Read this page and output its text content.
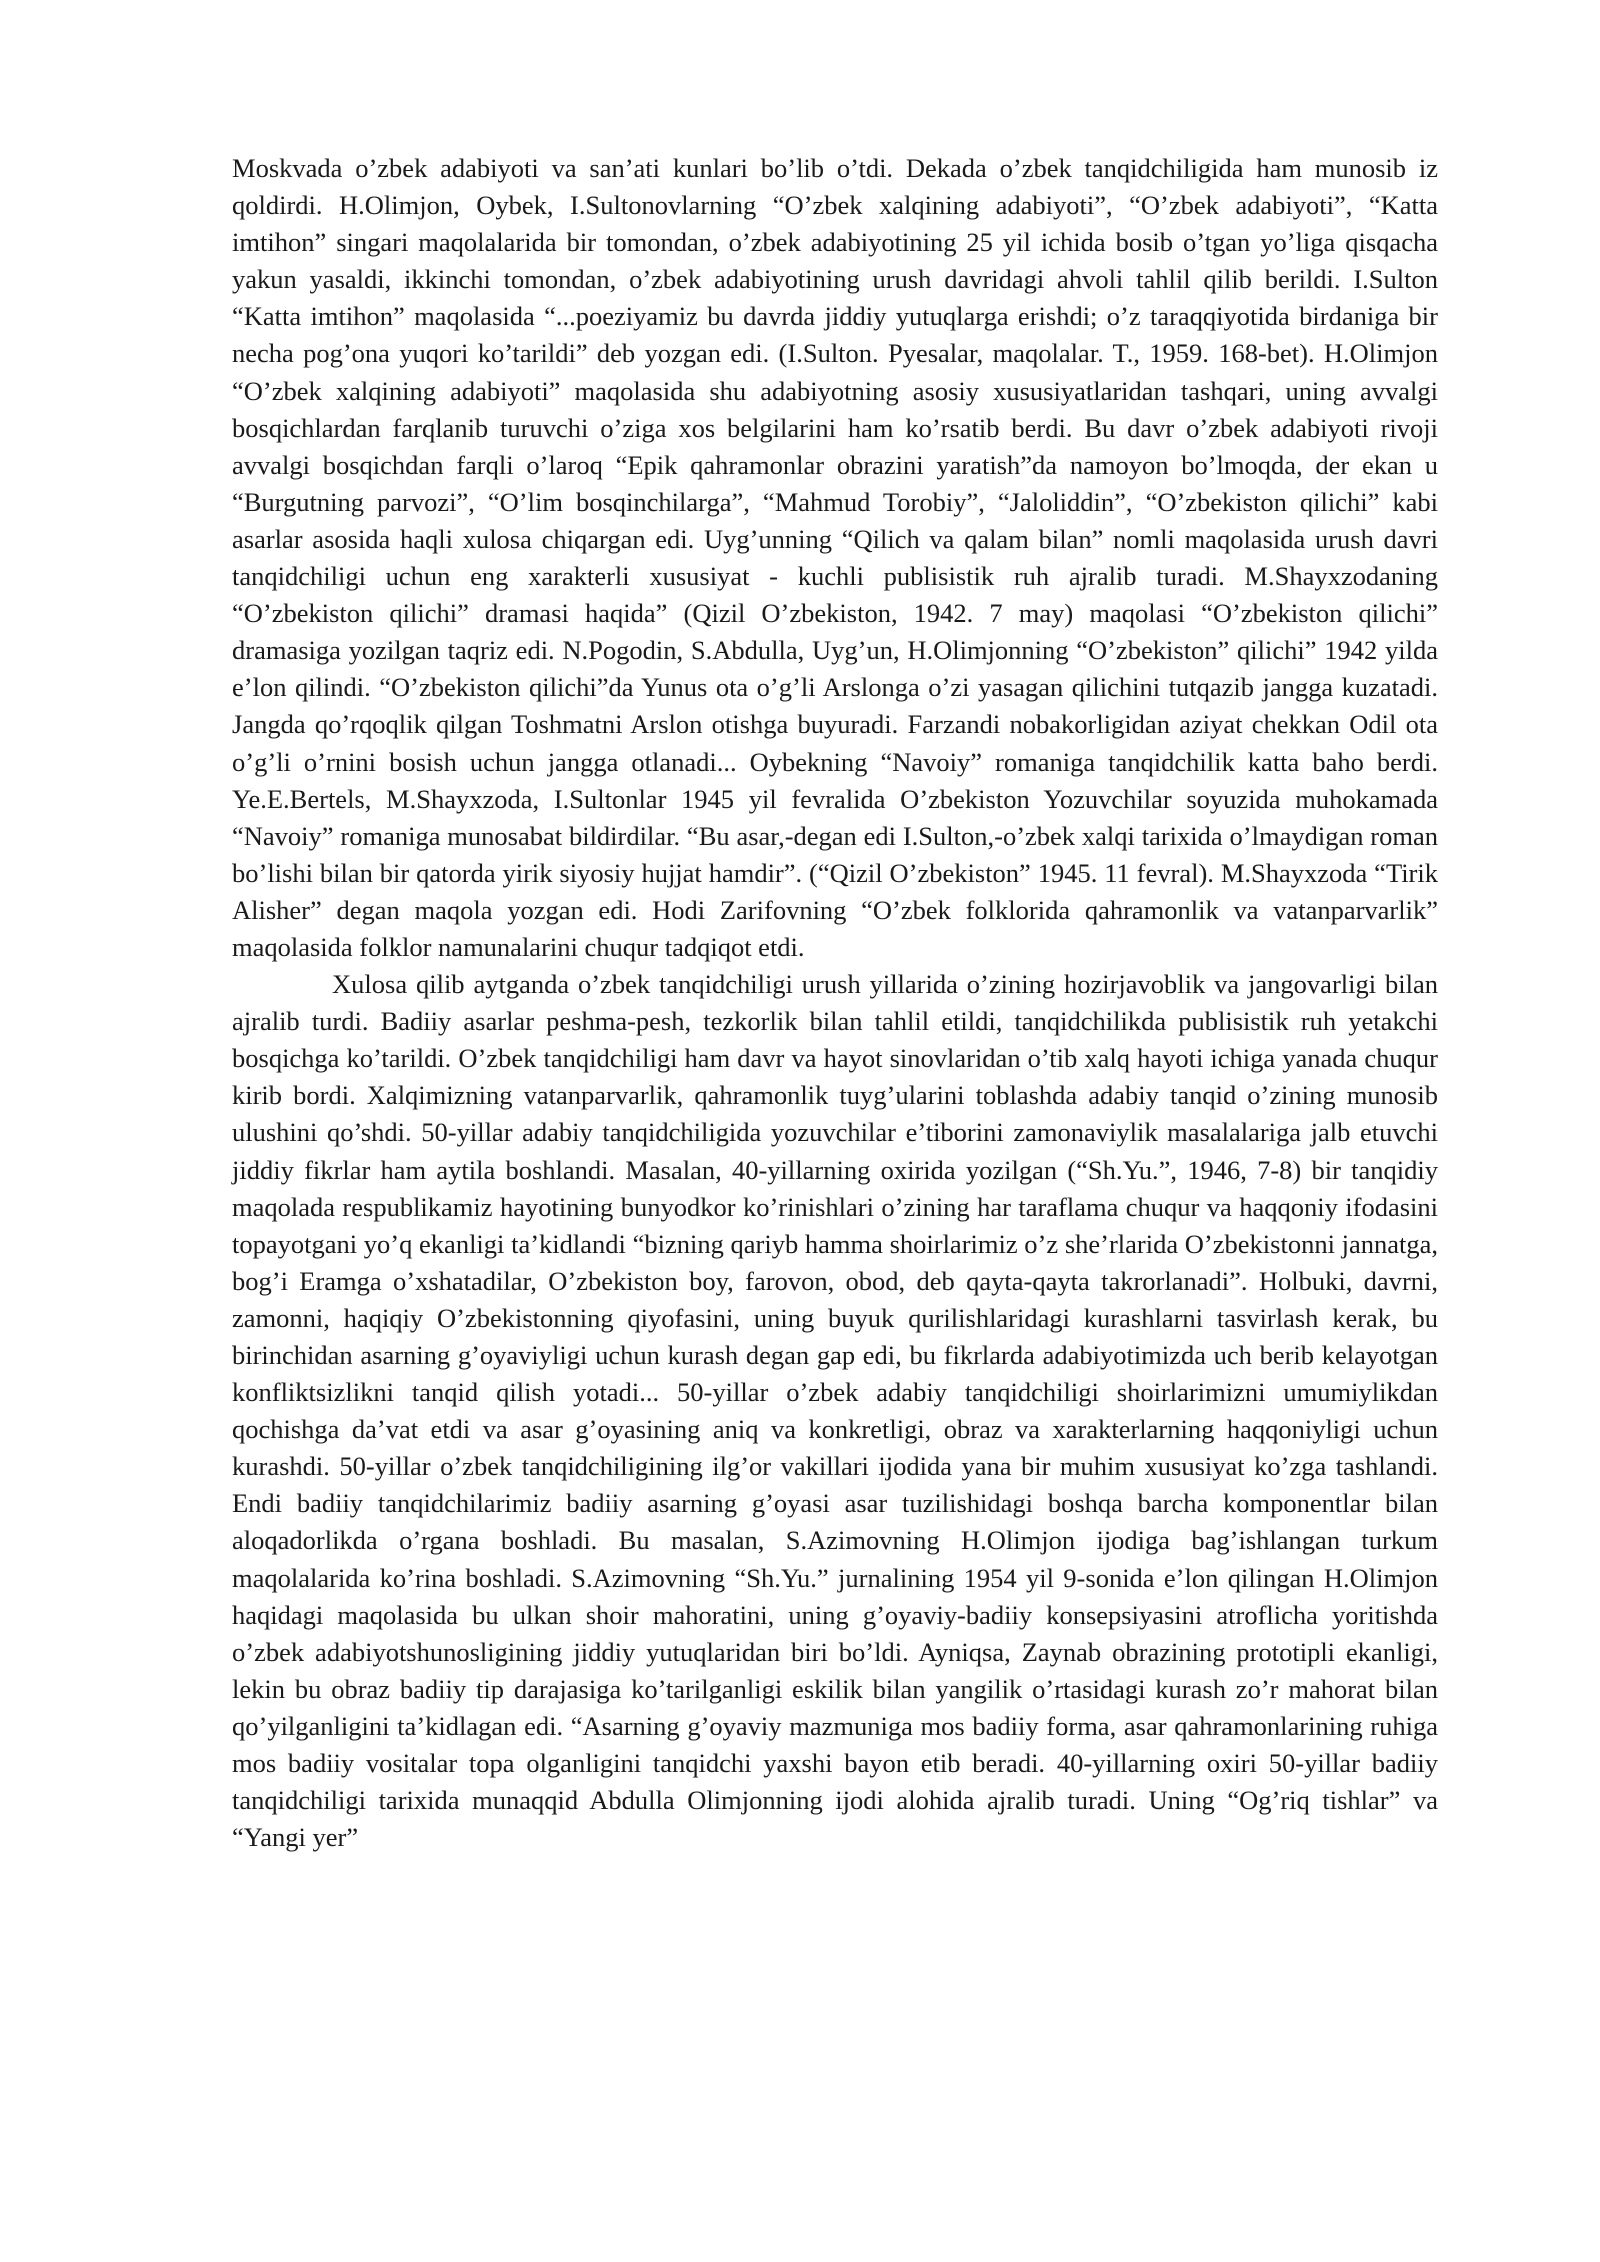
Moskvada o’zbek adabiyoti va san’ati kunlari bo’lib o’tdi. Dekada o’zbek tanqidchiligida ham munosib iz qoldirdi. H.Olimjon, Oybek, I.Sultonovlarning “O’zbek xalqining adabiyoti”, “O’zbek adabiyoti”, “Katta imtihon” singari maqolalarida bir tomondan, o’zbek adabiyotining 25 yil ichida bosib o’tgan yo’liga qisqacha yakun yasaldi, ikkinchi tomondan, o’zbek adabiyotining urush davridagi ahvoli tahlil qilib berildi. I.Sulton “Katta imtihon” maqolasida “...poeziyamiz bu davrda jiddiy yutuqlarga erishdi; o’z taraqqiyotida birdaniga bir necha pog’ona yuqori ko’tarildi” deb yozgan edi. (I.Sulton. Pyesalar, maqolalar. T., 1959. 168-bet). H.Olimjon “O’zbek xalqining adabiyoti” maqolasida shu adabiyotning asosiy xususiyatlaridan tashqari, uning avvalgi bosqichlardan farqlanib turuvchi o’ziga xos belgilarini ham ko’rsatib berdi. Bu davr o’zbek adabiyoti rivoji avvalgi bosqichdan farqli o’laroq “Epik qahramonlar obrazini yaratish”da namoyon bo’lmoqda, der ekan u “Burgutning parvozi”, “O’lim bosqinchilarga”, “Mahmud Torobiy”, “Jaloliddin”, “O’zbekiston qilichi” kabi asarlar asosida haqli xulosa chiqargan edi. Uyg’unning “Qilich va qalam bilan” nomli maqolasida urush davri tanqidchiligi uchun eng xarakterli xususiyat - kuchli publisistik ruh ajralib turadi. M.Shayxzodaning “O’zbekiston qilichi” dramasi haqida” (Qizil O’zbekiston, 1942. 7 may) maqolasi “O’zbekiston qilichi” dramasiga yozilgan taqriz edi. N.Pogodin, S.Abdulla, Uyg’un, H.Olimjonning “O’zbekiston” qilichi” 1942 yilda e’lon qilindi. “O’zbekiston qilichi”da Yunus ota o’g’li Arslonga o’zi yasagan qilichini tutqazib jangga kuzatadi. Jangda qo’rqoqlik qilgan Toshmatni Arslon otishga buyuradi. Farzandi nobakorligidan aziyat chekkan Odil ota o’g’li o’rnini bosish uchun jangga otlanadi... Oybekning “Navoiy” romaniga tanqidchilik katta baho berdi. Ye.E.Bertels, M.Shayxzoda, I.Sultonlar 1945 yil fevralida O’zbekiston Yozuvchilar soyuzida muhokamada “Navoiy” romaniga munosabat bildirdilar. “Bu asar,-degan edi I.Sulton,-o’zbek xalqi tarixida o’lmaydigan roman bo’lishi bilan bir qatorda yirik siyosiy hujjat hamdir”. (“Qizil O’zbekiston” 1945. 11 fevral). M.Shayxzoda “Tirik Alisher” degan maqola yozgan edi. Hodi Zarifovning “O’zbek folklorida qahramonlik va vatanparvarlik” maqolasida folklor namunalarini chuqur tadqiqot etdi.

Xulosa qilib aytganda o’zbek tanqidchiligi urush yillarida o’zining hozirjavoblik va jangovarligi bilan ajralib turdi. Badiiy asarlar peshma-pesh, tezkorlik bilan tahlil etildi, tanqidchilikda publisistik ruh yetakchi bosqichga ko’tarildi. O’zbek tanqidchiligi ham davr va hayot sinovlaridan o’tib xalq hayoti ichiga yanada chuqur kirib bordi. Xalqimizning vatanparvarlik, qahramonlik tuyg’ularini toblashda adabiy tanqid o’zining munosib ulushini qo’shdi. 50-yillar adabiy tanqidchiligida yozuvchilar e’tiborini zamonaviylik masalalariga jalb etuvchi jiddiy fikrlar ham aytila boshlandi. Masalan, 40-yillarning oxirida yozilgan (“Sh.Yu.”, 1946, 7-8) bir tanqidiy maqolada respublikamiz hayotining bunyodkor ko’rinishlari o’zining har taraflama chuqur va haqqoniy ifodasini topayotgani yo’q ekanligi ta’kidlandi “bizning qariyb hamma shoirlarimiz o’z she’rlarida O’zbekistonni jannatga, bog’i Eramga o’xshatadilar, O’zbekiston boy, farovon, obod, deb qayta-qayta takrorlanadi”. Holbuki, davrni, zamonni, haqiqiy O’zbekistonning qiyofasini, uning buyuk qurilishlaridagi kurashlarni tasvirlash kerak, bu birinchidan asarning g’oyaviyligi uchun kurash degan gap edi, bu fikrlarda adabiyotimizda uch berib kelayotgan konfliktsizlikni tanqid qilish yotadi... 50-yillar o’zbek adabiy tanqidchiligi shoirlarimizni umumiylikdan qochishga da’vat etdi va asar g’oyasining aniq va konkretligi, obraz va xarakterlarning haqqoniyligi uchun kurashdi. 50-yillar o’zbek tanqidchiligining ilg’or vakillari ijodida yana bir muhim xususiyat ko’zga tashlandi. Endi badiiy tanqidchilarimiz badiiy asarning g’oyasi asar tuzilishidagi boshqa barcha komponentlar bilan aloqadorlikda o’rgana boshladi. Bu masalan, S.Azimovning H.Olimjon ijodiga bag’ishlangan turkum maqolalarida ko’rina boshladi. S.Azimovning “Sh.Yu.” jurnalining 1954 yil 9-sonida e’lon qilingan H.Olimjon haqidagi maqolasida bu ulkan shoir mahoratini, uning g’oyaviy-badiiy konsepsiyasini atroflicha yoritishda o’zbek adabiyotshunosligining jiddiy yutuqlaridan biri bo’ldi. Ayniqsa, Zaynab obrazining prototipli ekanligi, lekin bu obraz badiiy tip darajasiga ko’tarilganligi eskilik bilan yangilik o’rtasidagi kurash zo’r mahorat bilan qo’yilganligini ta’kidlagan edi. “Asarning g’oyaviy mazmuniga mos badiiy forma, asar qahramonlarining ruhiga mos badiiy vositalar topa olganligini tanqidchi yaxshi bayon etib beradi. 40-yillarning oxiri 50-yillar badiiy tanqidchiligi tarixida munaqqid Abdulla Olimjonning ijodi alohida ajralib turadi. Uning “Og’riq tishlar” va “Yangi yer”
